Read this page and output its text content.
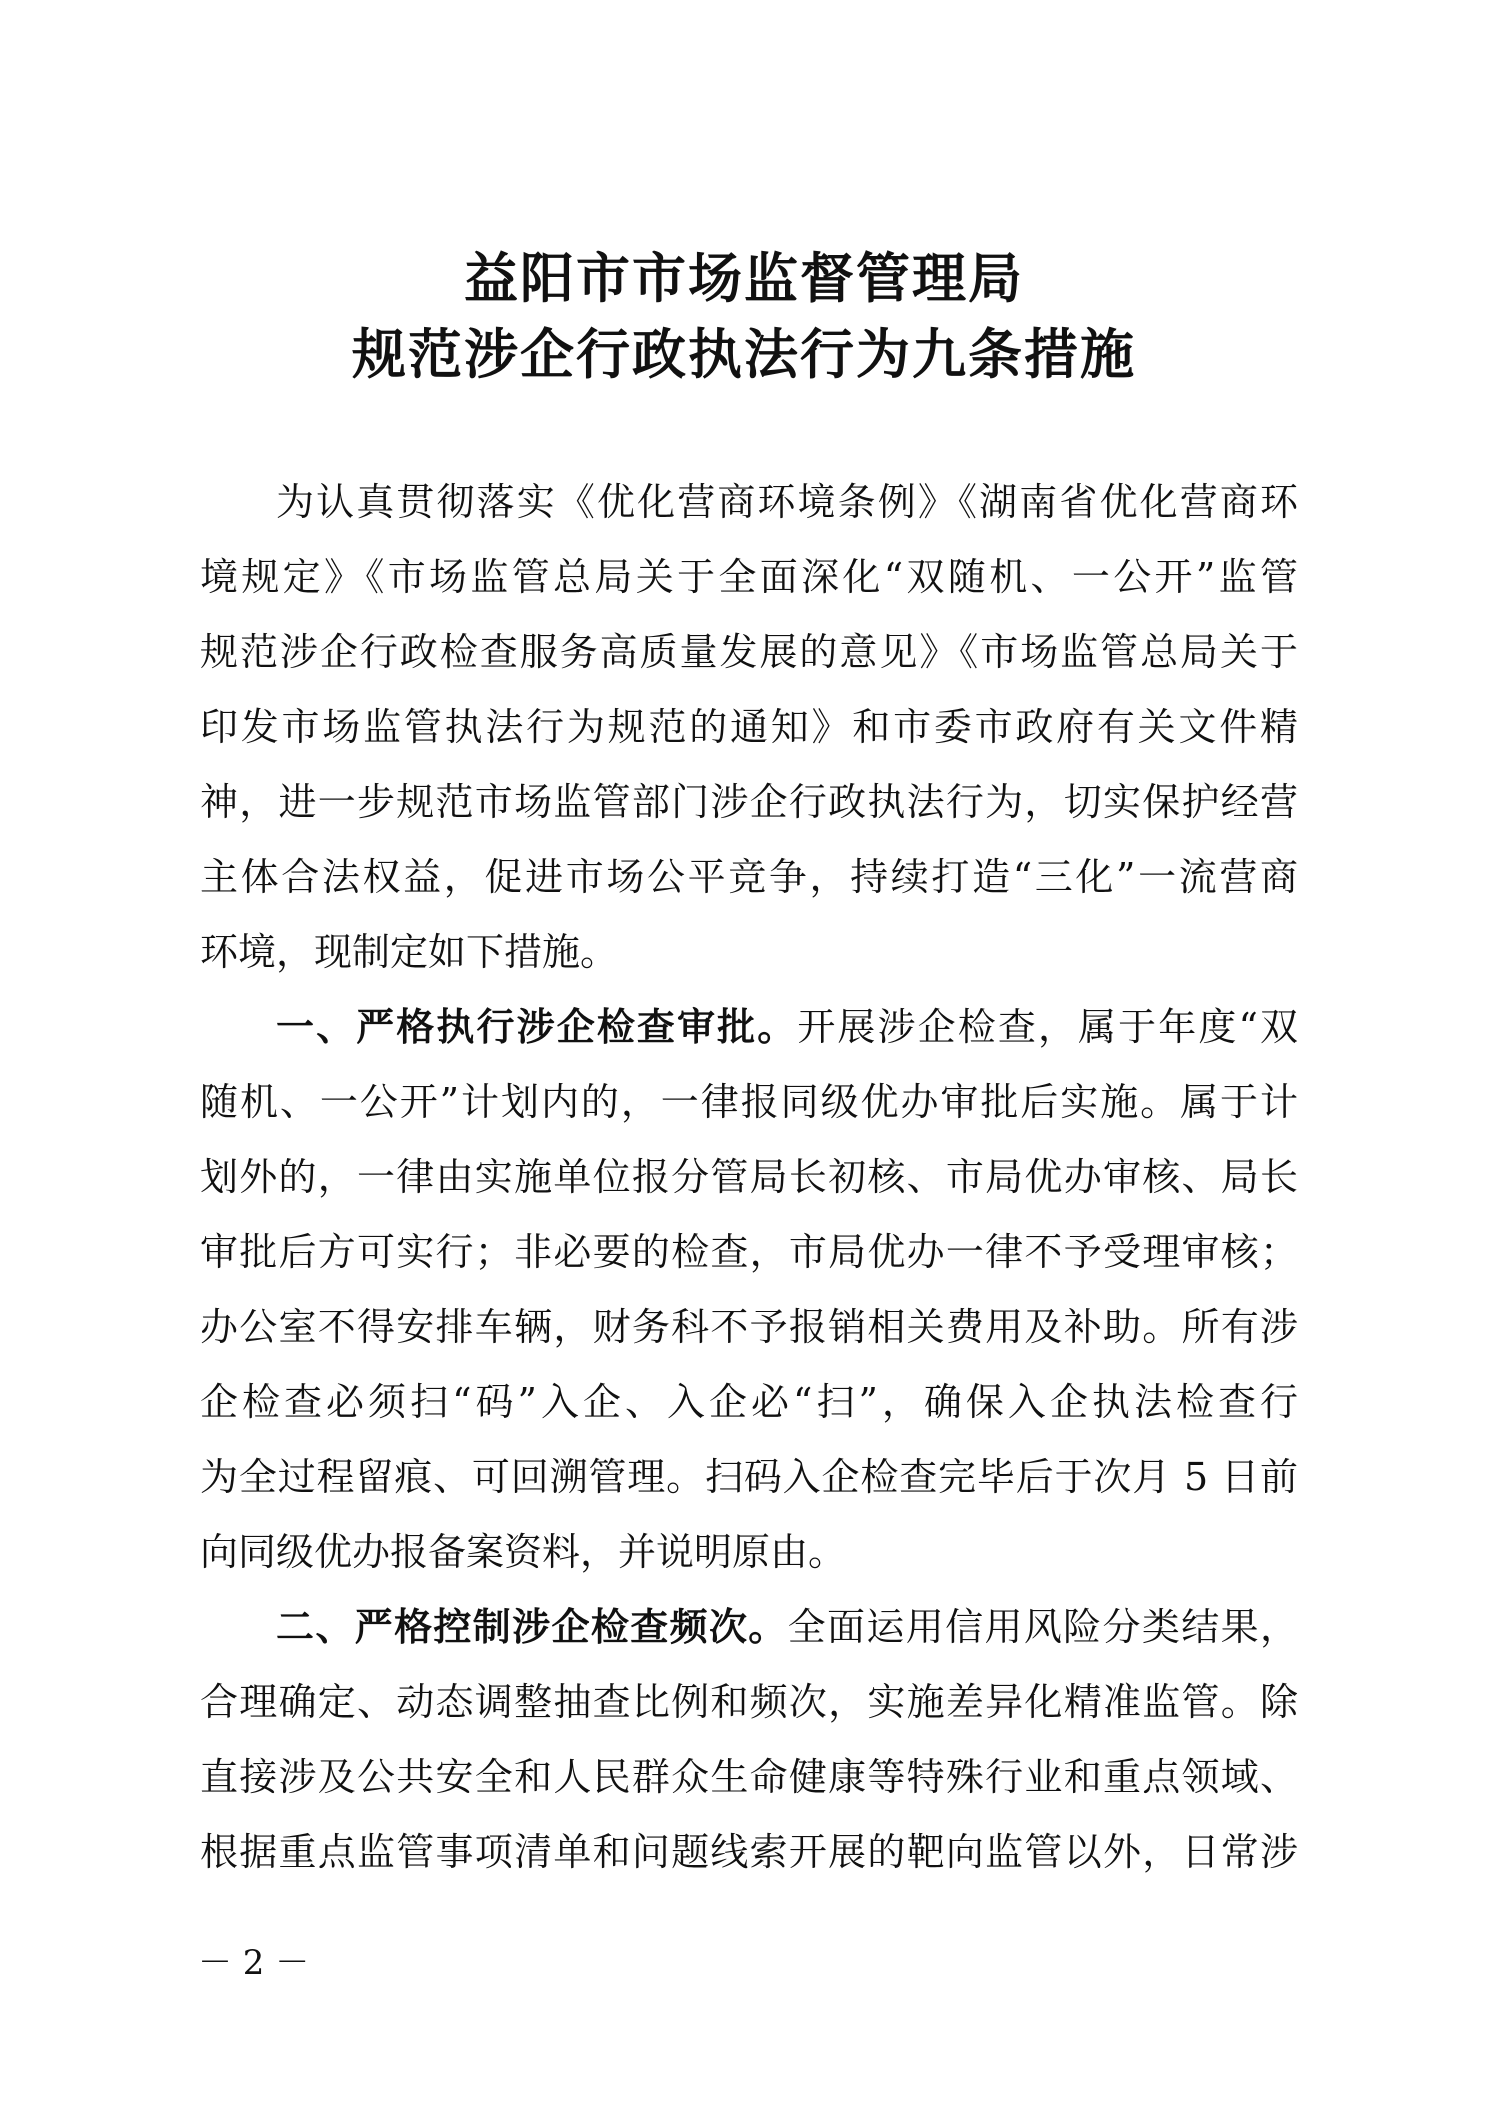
益阳市市场监督管理局
规范涉企行政执法行为九条措施
为认真贯彻落实《优化营商环境条例》《湖南省优化营商环
境规定》《市场监管总局关于全面深化“双随机、一公开”监管
规范涉企行政检查服务高质量发展的意见》《市场监管总局关于
印发市场监管执法行为规范的通知》和市委市政府有关文件精
神，进一步规范市场监管部门涉企行政执法行为，切实保护经营
主体合法权益，促进市场公平竞争，持续打造“三化”一流营商
环境，现制定如下措施。
一、严格执行涉企检查审批。开展涉企检查，属于年度“双
随机、一公开”计划内的，一律报同级优办审批后实施。属于计
划外的，一律由实施单位报分管局长初核、市局优办审核、局长
审批后方可实行；非必要的检查，市局优办一律不予受理审核；
办公室不得安排车辆，财务科不予报销相关费用及补助。所有涉
企检查必须扫“码”入企、入企必“扫”，确保入企执法检查行
为全过程留痕、可回溯管理。扫码入企检查完毕后于次月 5 日前
向同级优办报备案资料，并说明原由。
二、严格控制涉企检查频次。全面运用信用风险分类结果，
合理确定、动态调整抽查比例和频次，实施差异化精准监管。除
直接涉及公共安全和人民群众生命健康等特殊行业和重点领域、
根据重点监管事项清单和问题线索开展的靶向监管以外，日常涉
－ 2 －
